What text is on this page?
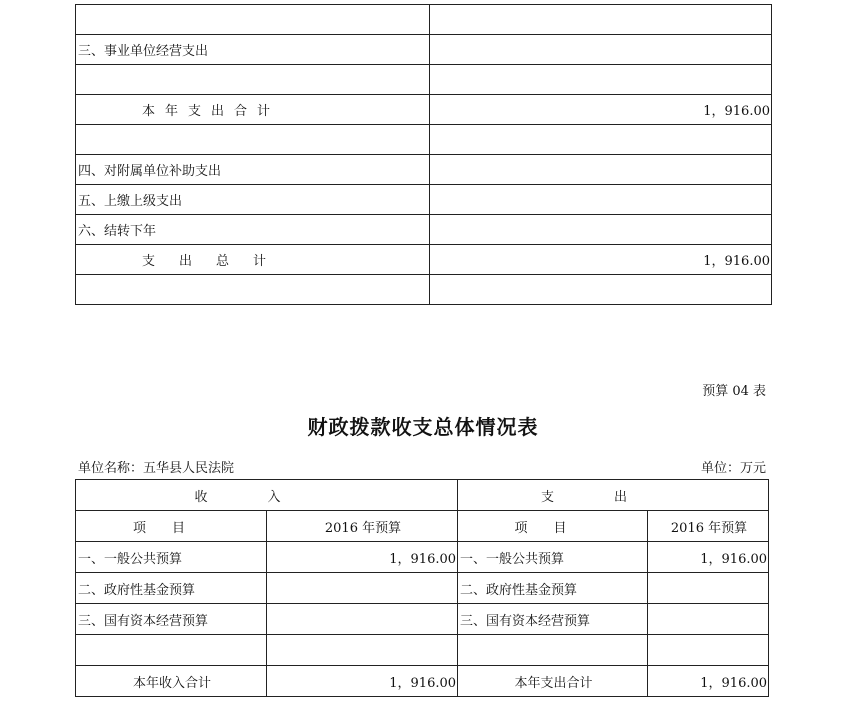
三、事业单位经营支出	

本年支出合计	1，916.00

四、对附属单位补助支出	
五、上缴上级支出	
六、结转下年	
支出总计	1，916.00

预算 04 表
财政拨款收支总体情况表
单位名称：五华县人民法院	单位：万元
收入		支出	
项目	2016 年预算	项目	2016 年预算
一、一般公共预算	1，916.00	一、一般公共预算	1，916.00
二、政府性基金预算		二、政府性基金预算	
三、国有资本经营预算		三、国有资本经营预算	

本年收入合计	1，916.00	本年支出合计	1，916.00
